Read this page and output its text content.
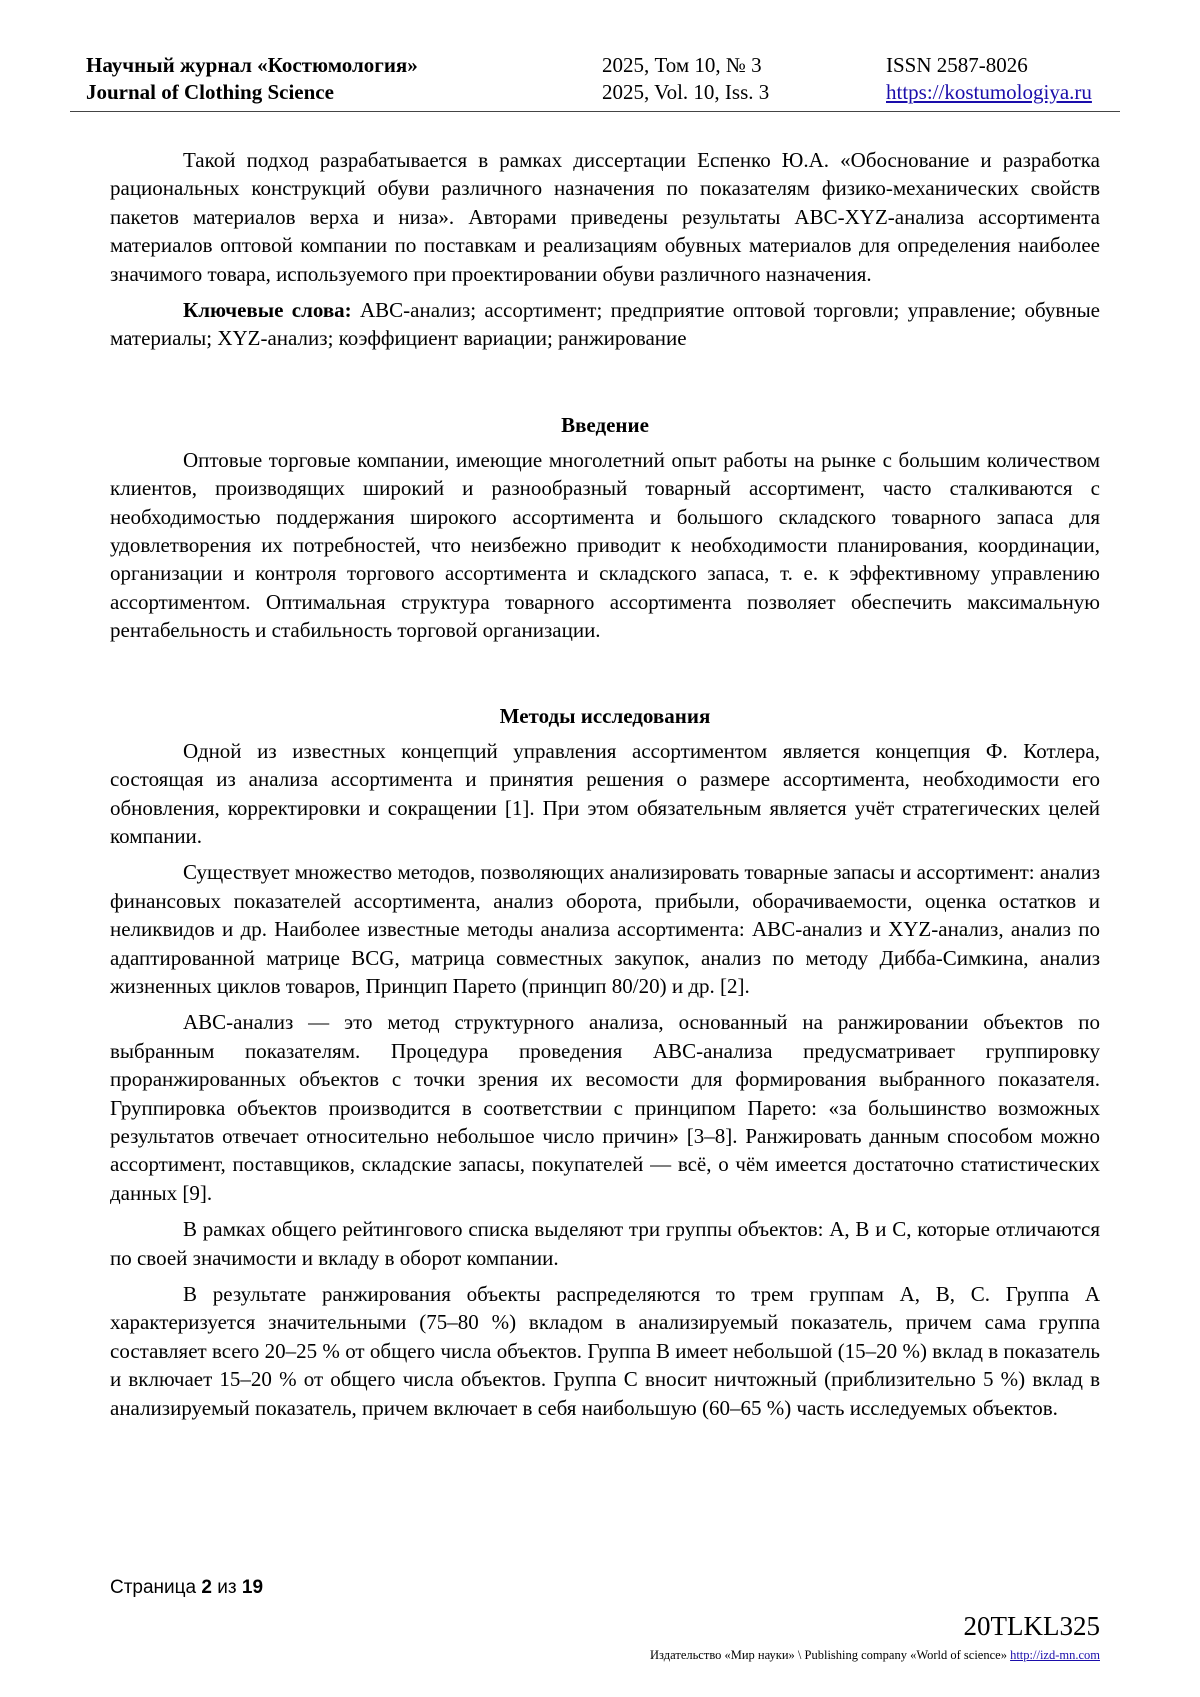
Научный журнал «Костюмология»
Journal of Clothing Science
2025, Том 10, № 3
2025, Vol. 10, Iss. 3
ISSN 2587-8026
https://kostumologiya.ru

Такой подход разрабатывается в рамках диссертации Еспенко Ю.А. «Обоснование и разработка рациональных конструкций обуви различного назначения по показателям физико-механических свойств пакетов материалов верха и низа». Авторами приведены результаты ABC-XYZ-анализа ассортимента материалов оптовой компании по поставкам и реализациям обувных материалов для определения наиболее значимого товара, используемого при проектировании обуви различного назначения.

Ключевые слова: ABC-анализ; ассортимент; предприятие оптовой торговли; управление; обувные материалы; XYZ-анализ; коэффициент вариации; ранжирование

Введение

Оптовые торговые компании, имеющие многолетний опыт работы на рынке с большим количеством клиентов, производящих широкий и разнообразный товарный ассортимент, часто сталкиваются с необходимостью поддержания широкого ассортимента и большого складского товарного запаса для удовлетворения их потребностей, что неизбежно приводит к необходимости планирования, координации, организации и контроля торгового ассортимента и складского запаса, т. е. к эффективному управлению ассортиментом. Оптимальная структура товарного ассортимента позволяет обеспечить максимальную рентабельность и стабильность торговой организации.

Методы исследования

Одной из известных концепций управления ассортиментом является концепция Ф. Котлера, состоящая из анализа ассортимента и принятия решения о размере ассортимента, необходимости его обновления, корректировки и сокращении [1]. При этом обязательным является учёт стратегических целей компании.

Существует множество методов, позволяющих анализировать товарные запасы и ассортимент: анализ финансовых показателей ассортимента, анализ оборота, прибыли, оборачиваемости, оценка остатков и неликвидов и др. Наиболее известные методы анализа ассортимента: ABC-анализ и XYZ-анализ, анализ по адаптированной матрице BCG, матрица совместных закупок, анализ по методу Дибба-Симкина, анализ жизненных циклов товаров, Принцип Парето (принцип 80/20) и др. [2].

АВС-анализ — это метод структурного анализа, основанный на ранжировании объектов по выбранным показателям. Процедура проведения АВС-анализа предусматривает группировку проранжированных объектов с точки зрения их весомости для формирования выбранного показателя. Группировка объектов производится в соответствии с принципом Парето: «за большинство возможных результатов отвечает относительно небольшое число причин» [3–8]. Ранжировать данным способом можно ассортимент, поставщиков, складские запасы, покупателей — всё, о чём имеется достаточно статистических данных [9].

В рамках общего рейтингового списка выделяют три группы объектов: A, B и C, которые отличаются по своей значимости и вкладу в оборот компании.

В результате ранжирования объекты распределяются то трем группам A, B, C. Группа A характеризуется значительными (75–80 %) вкладом в анализируемый показатель, причем сама группа составляет всего 20–25 % от общего числа объектов. Группа B имеет небольшой (15–20 %) вклад в показатель и включает 15–20 % от общего числа объектов. Группа C вносит ничтожный (приблизительно 5 %) вклад в анализируемый показатель, причем включает в себя наибольшую (60–65 %) часть исследуемых объектов.

Страница 2 из 19
20TLKL325
Издательство «Мир науки» \ Publishing company «World of science» http://izd-mn.com
